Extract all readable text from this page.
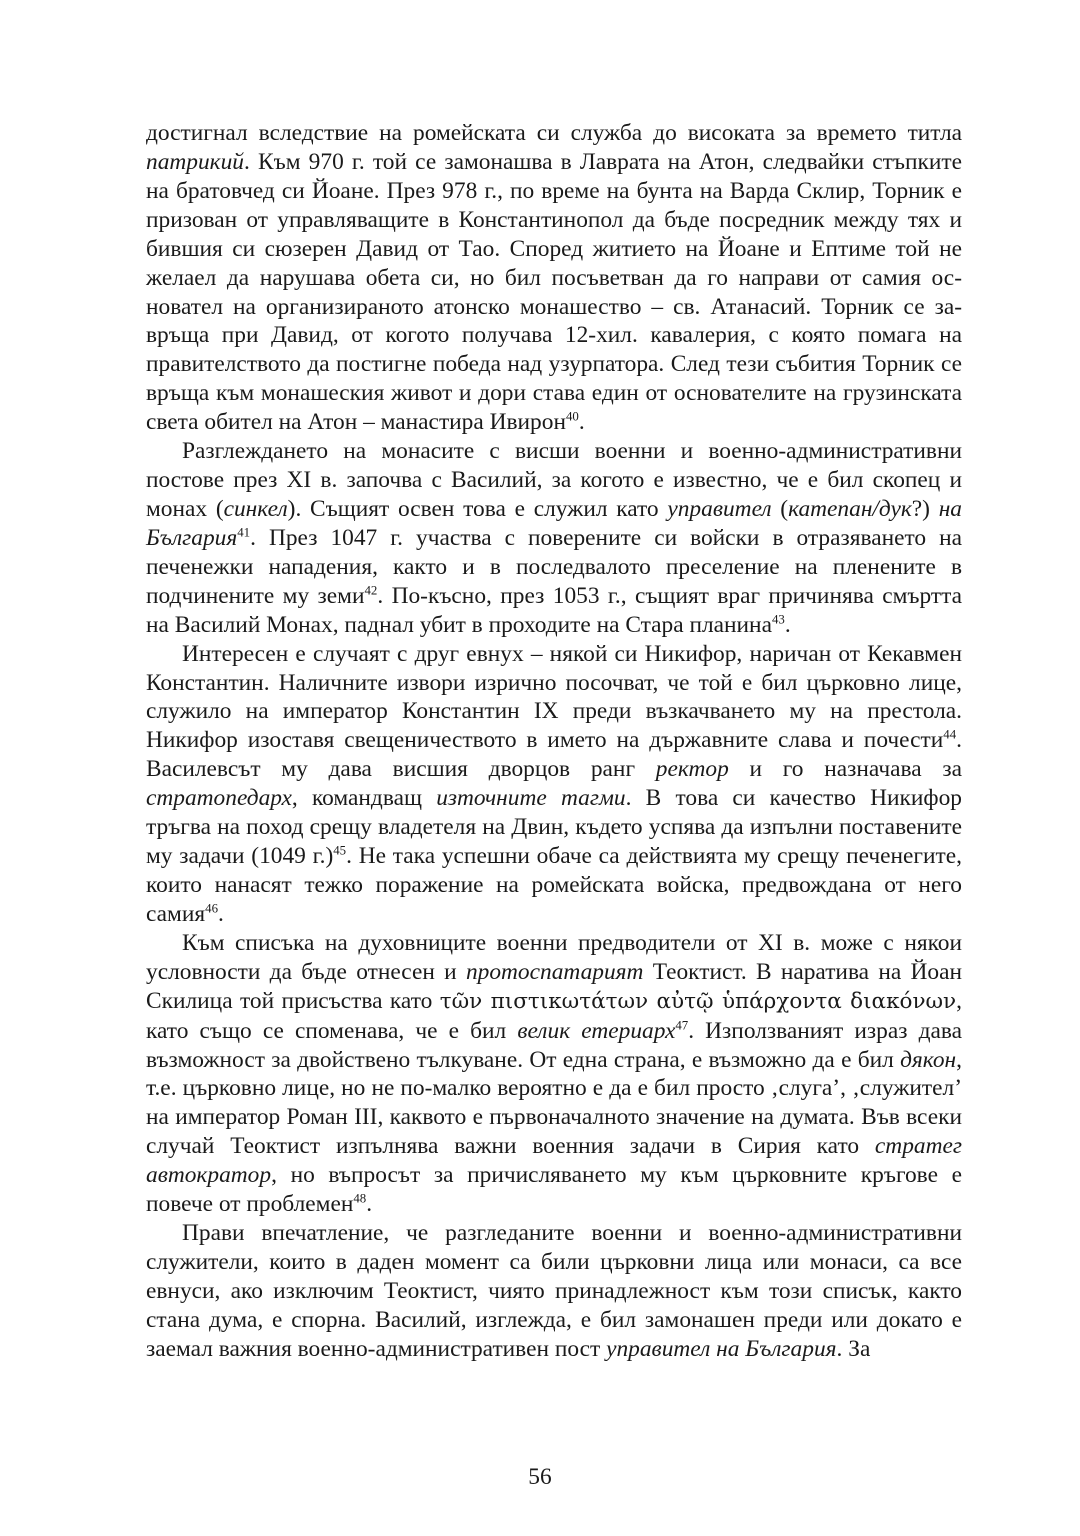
достигнал вследствие на ромейската си служба до високата за времето титла патрикий. Към 970 г. той се замонашва в Лаврата на Атон, следвайки стъпките на братовчед си Йоане. През 978 г., по време на бунта на Варда Склир, Торник е призован от управляващите в Константинопол да бъде посредник между тях и бившия си сюзерен Давид от Тао. Според житието на Йоане и Ептиме той не желаел да нарушава обета си, но бил посъветван да го направи от самия основател на организираното атонско монашество – св. Атанасий. Торник се завръща при Давид, от когото получава 12-хил. кавалерия, с която помага на правителството да постигне победа над узурпатора. След тези събития Торник се връща към монашеския живот и дори става един от основателите на грузинската света обител на Атон – манастира Ивирон$^{40}$.

Разглеждането на монасите с висши военни и военно-административни постове през XI в. започва с Василий, за когото е известно, че е бил скопец и монах (синкел). Същият освен това е служил като управител (катепан/дук?) на България$^{41}$. През 1047 г. участва с поверените си войски в отразяването на печенежки нападения, както и в последвалото преселение на пленените в подчинените му земи$^{42}$. По-късно, през 1053 г., същият враг причинява смъртта на Василий Монах, паднал убит в проходите на Стара планина$^{43}$.

Интересен е случаят с друг евнух – някой си Никифор, наричан от Кекавмен Константин. Наличните извори изрично посочват, че той е бил църковно лице, служило на император Константин IX преди възкачването му на престола. Никифор изоставя свещеничеството в името на държавните слава и почести$^{44}$. Василевсът му дава висшия дворцов ранг ректор и го назначава за стратопедарх, командващ източните тагми. В това си качество Никифор тръгва на поход срещу владетеля на Двин, където успява да изпълни поставените му задачи (1049 г.)$^{45}$. Не така успешни обаче са действията му срещу печенегите, които нанасят тежко поражение на ромейската войска, предвождана от него самия$^{46}$.

Към списъка на духовниците военни предводители от XI в. може с някои условности да бъде отнесен и протоспатарият Теоктист. В наратива на Йоан Скилица той присъства като τῶν πιστικωτάτων αὐτῷ ὑπάρχοντα διακόνων, като също се споменава, че е бил велик етериарх$^{47}$. Използваният израз дава възможност за двойствено тълкуване. От една страна, е възможно да е бил дякон, т.е. църковно лице, но не по-малко вероятно е да е бил просто ‚слуга’, ‚служител’ на император Роман III, каквото е първоначалното значение на думата. Във всеки случай Теоктист изпълнява важни военния задачи в Сирия като стратег автократор, но въпросът за причисляването му към църковните кръгове е повече от проблемен$^{48}$.

Прави впечатление, че разгледаните военни и военно-административни служители, които в даден момент са били църковни лица или монаси, са все евнуси, ако изключим Теоктист, чиято принадлежност към този списък, както стана дума, е спорна. Василий, изглежда, е бил замонашен преди или докато е заемал важния военно-административен пост управител на България. За

56
